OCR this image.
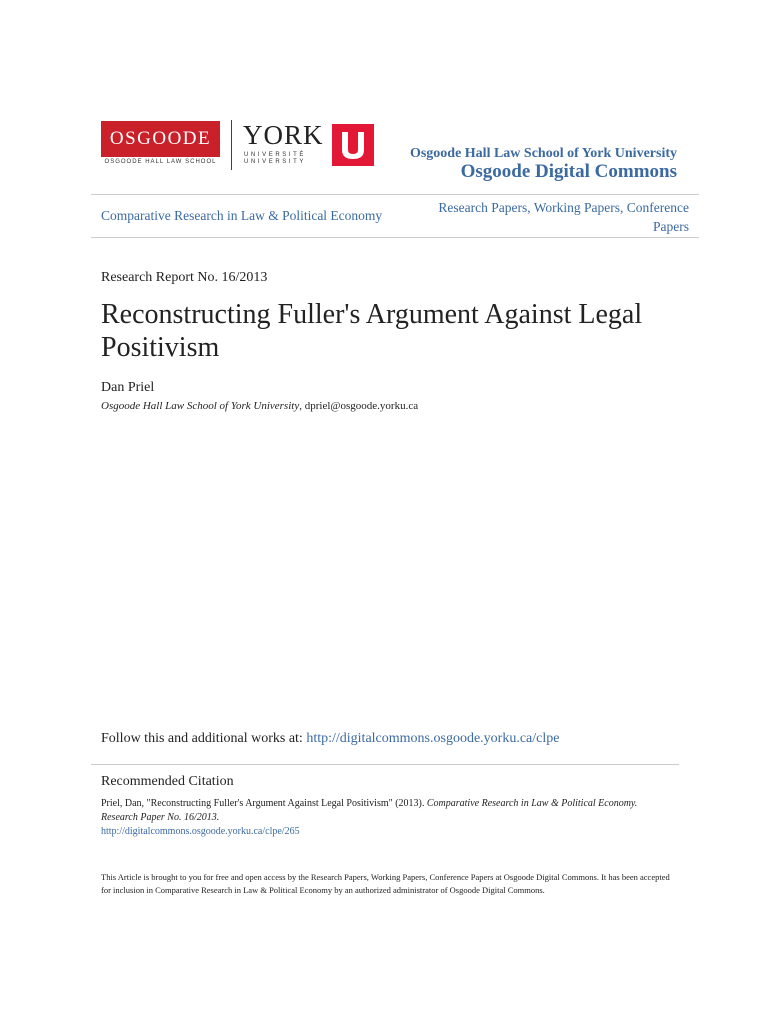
OSGOODE
OSGOODE HALL LAW SCHOOL
YORK
UNIVERSITÉ UNIVERSITY
Osgoode Hall Law School of York University
Osgoode Digital Commons
Comparative Research in Law & Political Economy
Research Papers, Working Papers, Conference Papers
Research Report No. 16/2013
Reconstructing Fuller's Argument Against Legal Positivism
Dan Priel
Osgoode Hall Law School of York University, dpriel@osgoode.yorku.ca
Follow this and additional works at: http://digitalcommons.osgoode.yorku.ca/clpe
Recommended Citation
Priel, Dan, "Reconstructing Fuller's Argument Against Legal Positivism" (2013). Comparative Research in Law & Political Economy. Research Paper No. 16/2013.
http://digitalcommons.osgoode.yorku.ca/clpe/265
This Article is brought to you for free and open access by the Research Papers, Working Papers, Conference Papers at Osgoode Digital Commons. It has been accepted for inclusion in Comparative Research in Law & Political Economy by an authorized administrator of Osgoode Digital Commons.
